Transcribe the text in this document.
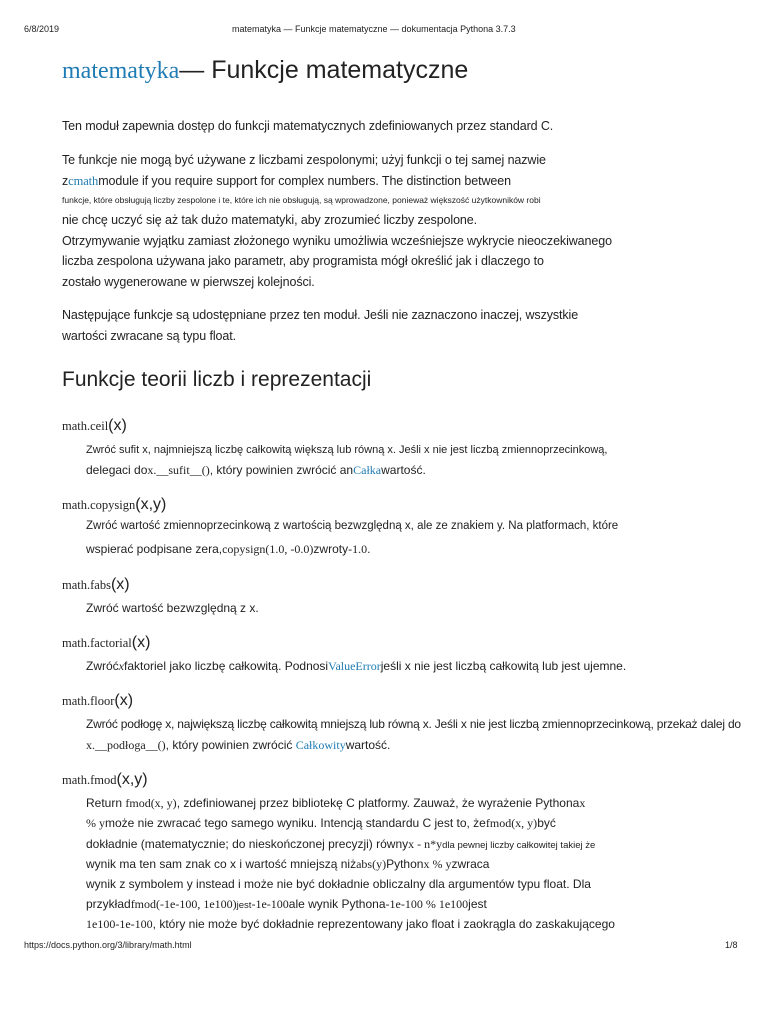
6/8/2019	matematyka — Funkcje matematyczne — dokumentacja Pythona 3.7.3
matematyka— Funkcje matematyczne
Ten moduł zapewnia dostęp do funkcji matematycznych zdefiniowanych przez standard C.
Te funkcje nie mogą być używane z liczbami zespolonymi; użyj funkcji o tej samej nazwie
zcmathmodule if you require support for complex numbers. The distinction between
funkcje, które obsługują liczby zespolone i te, które ich nie obsługują, są wprowadzone, ponieważ większość użytkowników robi
nie chcę uczyć się aż tak dużo matematyki, aby zrozumieć liczby zespolone.
Otrzymywanie wyjątku zamiast złożonego wyniku umożliwia wcześniejsze wykrycie nieoczekiwanego
liczba zespolona używana jako parametr, aby programista mógł określić jak i dlaczego to
zostało wygenerowane w pierwszej kolejności.
Następujące funkcje są udostępniane przez ten moduł. Jeśli nie zaznaczono inaczej, wszystkie
wartości zwracane są typu float.
Funkcje teorii liczb i reprezentacji
math.ceil(x)
Zwróć sufit x, najmniejszą liczbę całkowitą większą lub równą x. Jeśli x nie jest liczbą zmiennoprzecinkową,
delegaci dox.__sufit__(), który powinien zwrócić anCałkawartość.
math.copysign(x,y)
Zwróć wartość zmiennoprzecinkową z wartością bezwzględną x, ale ze znakiem y. Na platformach, które
wspierać podpisane zera,copysign(1.0, -0.0)zwroty-1.0.
math.fabs(x)
Zwróć wartość bezwzględną z x.
math.factorial(x)
Zwróćxfaktoriel jako liczbę całkowitą. PodnosiValueErrorjeśli x nie jest liczbą całkowitą lub jest ujemne.
math.floor(x)
Zwróć podłogę x, największą liczbę całkowitą mniejszą lub równą x. Jeśli x nie jest liczbą zmiennoprzecinkową, przekaż dalej do
x.__podłoga__(), który powinien zwrócić Całkowitywartość.
math.fmod(x,y)
Return fmod(x, y), zdefiniowanej przez bibliotekę C platformy. Zauważ, że wyrażenie Pythonax
% ymoże nie zwracać tego samego wyniku. Intencją standardu C jest to, żefmod(x, y)być
dokładnie (matematycznie; do nieskończonej precyzji) równyx - n*ydla pewnej liczby całkowitej takiej że
wynik ma ten sam znak co x i wartość mniejszą niżabs(y)Pythonx % yzwraca
wynik z symbolem y instead i może nie być dokładnie obliczalny dla argumentów typu float. Dla
przykładfmod(-1e-100, 1e100)jest-1e-100ale wynik Pythona-1e-100 % 1e100jest
1e100-1e-100, który nie może być dokładnie reprezentowany jako float i zaokrągla do zaskakującego
https://docs.python.org/3/library/math.html	1/8
